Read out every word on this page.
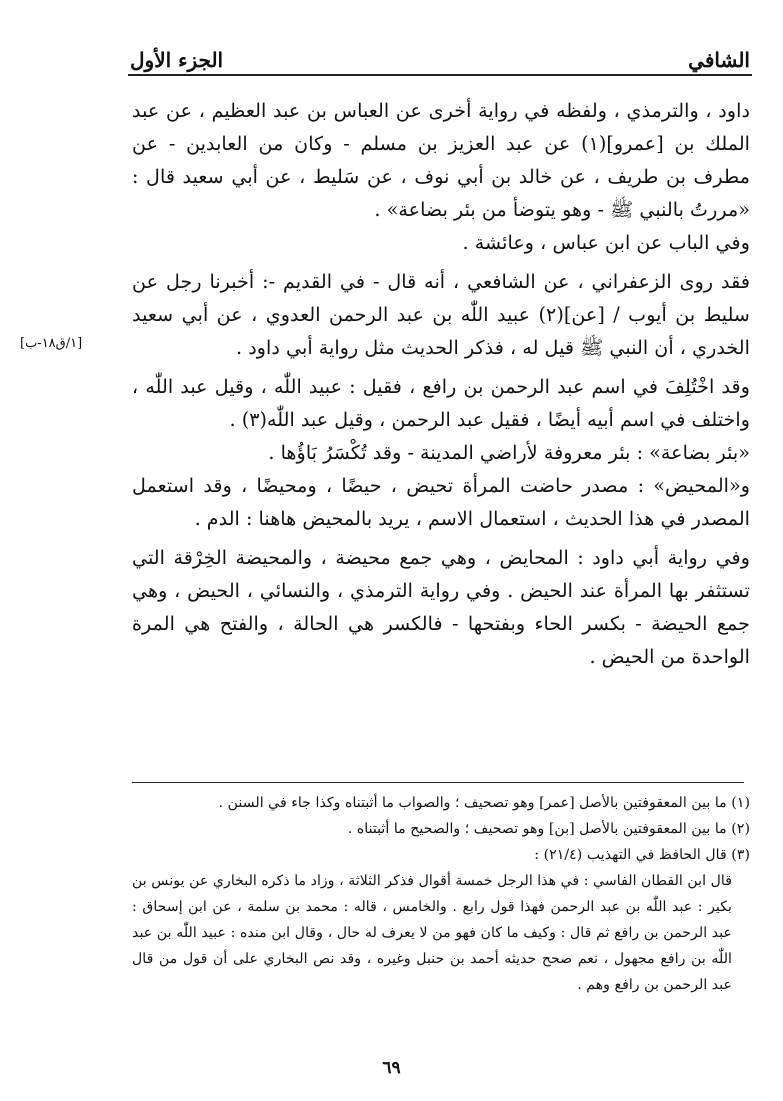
الشافي
الجزء الأول
[١/ق١٨-ب]

داود ، والترمذي ، ولفظه في رواية أخرى عن العباس بن عبد العظيم ، عن عبد الملك بن [عمرو](١) عن عبد العزيز بن مسلم - وكان من العابدين - عن مطرف بن طريف ، عن خالد بن أبي نوف ، عن سَليط ، عن أبي سعيد قال : «مررتُ بالنبي ﷺ - وهو يتوضأ من بئر بضاعة» .

وفي الباب عن ابن عباس ، وعائشة .

فقد روى الزعفراني ، عن الشافعي ، أنه قال - في القديم -: أخبرنا رجل عن سليط بن أيوب / [عن](٢) عبيد اللّٰه بن عبد الرحمن العدوي ، عن أبي سعيد الخدري ، أن النبي ﷺ قيل له ، فذكر الحديث مثل رواية أبي داود .

وقد اخْتُلِفَ في اسم عبد الرحمن بن رافع ، فقيل : عبيد اللّٰه ، وقيل عبد اللّٰه ، واختلف في اسم أبيه أيضًا ، فقيل عبد الرحمن ، وقيل عبد اللّٰه(٣) .

«بئر بضاعة» : بئر معروفة لأراضي المدينة - وقد تُكْسَرُ بَاؤُها .

و«المحيض» : مصدر حاضت المرأة تحيض ، حيضًا ، ومحيضًا ، وقد استعمل المصدر في هذا الحديث ، استعمال الاسم ، يريد بالمحيض هاهنا : الدم .

وفي رواية أبي داود : المحايض ، وهي جمع محيضة ، والمحيضة الخِرْقة التي تستثفر بها المرأة عند الحيض . وفي رواية الترمذي ، والنسائي ، الحيض ، وهي جمع الحيضة - بكسر الحاء وبفتحها - فالكسر هي الحالة ، والفتح هي المرة الواحدة من الحيض .

(١) ما بين المعقوفتين بالأصل [عمر] وهو تصحيف ؛ والصواب ما أثبتناه وكذا جاء في السنن .

(٢) ما بين المعقوفتين بالأصل [بن] وهو تصحيف ؛ والصحيح ما أثبتناه .

(٣) قال الحافظ في التهذيب (٢١/٤) :

قال ابن القطان الفاسي : في هذا الرجل خمسة أقوال فذكر الثلاثة ، وزاد ما ذكره البخاري عن يونس بن بكير : عبد اللّٰه بن عبد الرحمن فهذا قول رابع . والخامس ، قاله : محمد بن سلمة ، عن ابن إسحاق : عبد الرحمن بن رافع ثم قال : وكيف ما كان فهو من لا يعرف له حال ، وقال ابن منده : عبيد اللّٰه بن عبد اللّٰه بن رافع مجهول ، نعم صحح حديثه أحمد بن حنبل وغيره ، وقد نص البخاري على أن قول من قال عبد الرحمن بن رافع وهم .

٦٩
